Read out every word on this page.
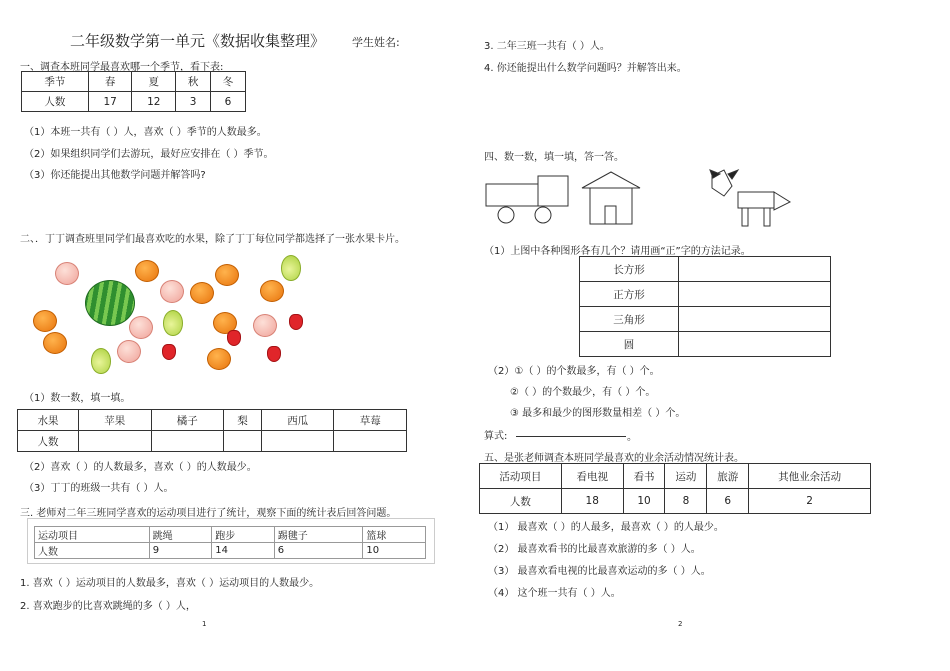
二年级数学第一单元《数据收集整理》 学生姓名:
一、调查本班同学最喜欢哪一个季节，看下表:
季节	春	夏	秋	冬
人数	17	12	3	6
（1）本班一共有（ ）人，喜欢（ ）季节的人数最多。
（2）如果组织同学们去游玩，最好应安排在（ ）季节。
（3）你还能提出其他数学问题并解答吗?
二、．丁丁调查班里同学们最喜欢吃的水果，除了丁丁每位同学都选择了一张水果卡片。
（1）数一数，填一填。
水果	苹果	橘子	梨	西瓜	草莓
人数					
（2）喜欢（ ）的人数最多，喜欢（ ）的人数最少。
（3）丁丁的班级一共有（ ）人。
三. 老师对二年三班同学喜欢的运动项目进行了统计，观察下面的统计表后回答问题。
运动项目	跳绳	跑步	踢毽子	篮球
人数	9	14	6	10
1. 喜欢（ ）运动项目的人数最多，喜欢（ ）运动项目的人数最少。
2. 喜欢跑步的比喜欢跳绳的多（ ）人，
1
3. 二年三班一共有（ ）人。
4. 你还能提出什么数学问题吗？并解答出来。
四、数一数，填一填，答一答。
（1）上图中各种图形各有几个？请用画“正”字的方法记录。
长方形	
正方形	
三角形	
圆	
（2）①（ ）的个数最多，有（ ）个。
②（ ）的个数最少，有（ ）个。
③ 最多和最少的图形数量相差（ ）个。
算式:	。
五、是张老师调查本班同学最喜欢的业余活动情况统计表。
活动项目	看电视	看书	运动	旅游	其他业余活动
人数	18	10	8	6	2
（1） 最喜欢（ ）的人最多，最喜欢（ ）的人最少。
（2） 最喜欢看书的比最喜欢旅游的多（ ）人。
（3） 最喜欢看电视的比最喜欢运动的多（ ）人。
（4） 这个班一共有（ ）人。
2
